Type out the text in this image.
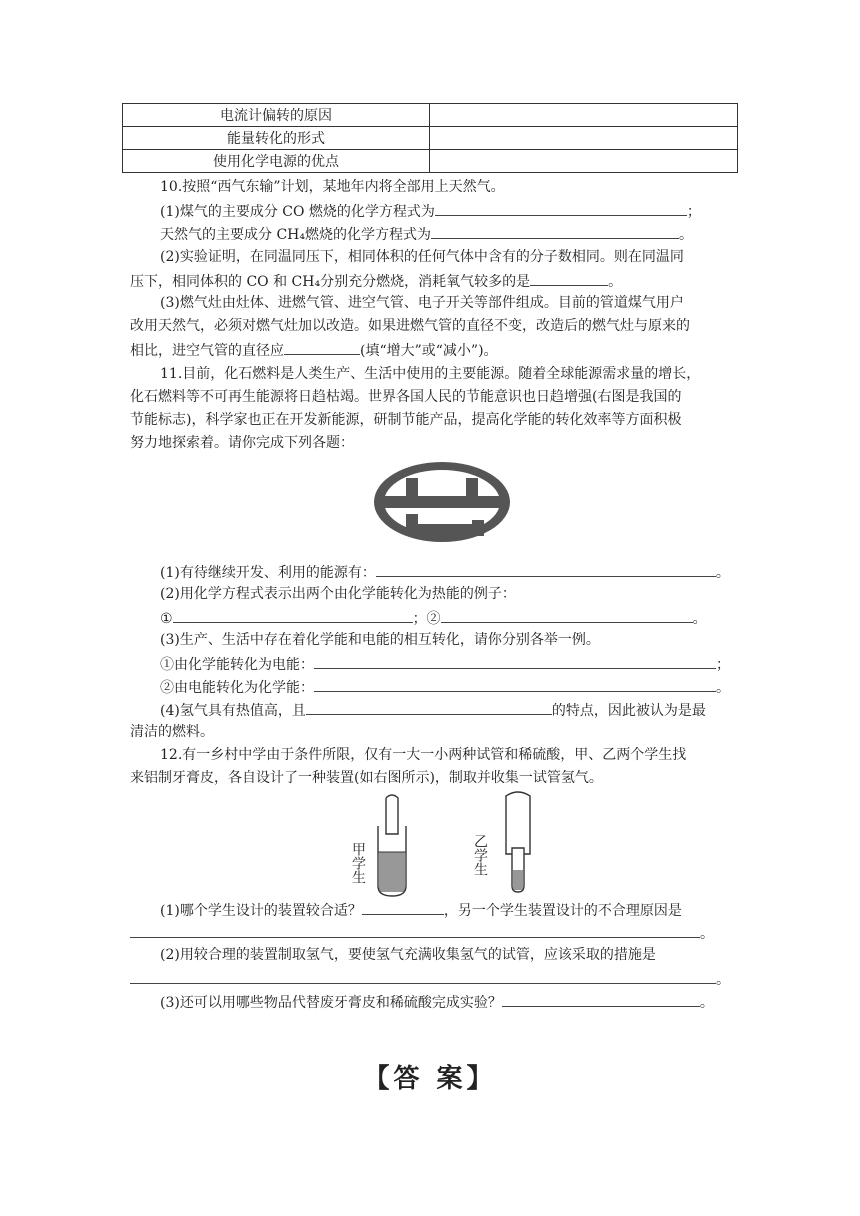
电流计偏转的原因	
能量转化的形式	
使用化学电源的优点	
10.按照“西气东输”计划，某地年内将全部用上天然气。
(1)煤气的主要成分 CO 燃烧的化学方程式为	；
天然气的主要成分 CH₄燃烧的化学方程式为	。
(2)实验证明，在同温同压下，相同体积的任何气体中含有的分子数相同。则在同温同
压下，相同体积的 CO 和 CH₄分别充分燃烧，消耗氧气较多的是	。
(3)燃气灶由灶体、进燃气管、进空气管、电子开关等部件组成。目前的管道煤气用户
改用天然气，必须对燃气灶加以改造。如果进燃气管的直径不变，改造后的燃气灶与原来的
相比，进空气管的直径应	(填“增大”或“减小”)。
11.目前，化石燃料是人类生产、生活中使用的主要能源。随着全球能源需求量的增长，
化石燃料等不可再生能源将日趋枯竭。世界各国人民的节能意识也日趋增强(右图是我国的
节能标志)，科学家也正在开发新能源，研制节能产品，提高化学能的转化效率等方面积极
努力地探索着。请你完成下列各题：
(1)有待继续开发、利用的能源有：	。
(2)用化学方程式表示出两个由化学能转化为热能的例子：
①	；②	。
(3)生产、生活中存在着化学能和电能的相互转化，请你分别各举一例。
①由化学能转化为电能：	；
②由电能转化为化学能：	。
(4)氢气具有热值高，且	的特点，因此被认为是最
清洁的燃料。
12.有一乡村中学由于条件所限，仅有一大一小两种试管和稀硫酸，甲、乙两个学生找
来铝制牙膏皮，各自设计了一种装置(如右图所示)，制取并收集一试管氢气。
甲学生	乙学生
(1)哪个学生设计的装置较合适？	，另一个学生装置设计的不合理原因是
。
(2)用较合理的装置制取氢气，要使氢气充满收集氢气的试管，应该采取的措施是
。
(3)还可以用哪些物品代替废牙膏皮和稀硫酸完成实验？	。
【答 案】
